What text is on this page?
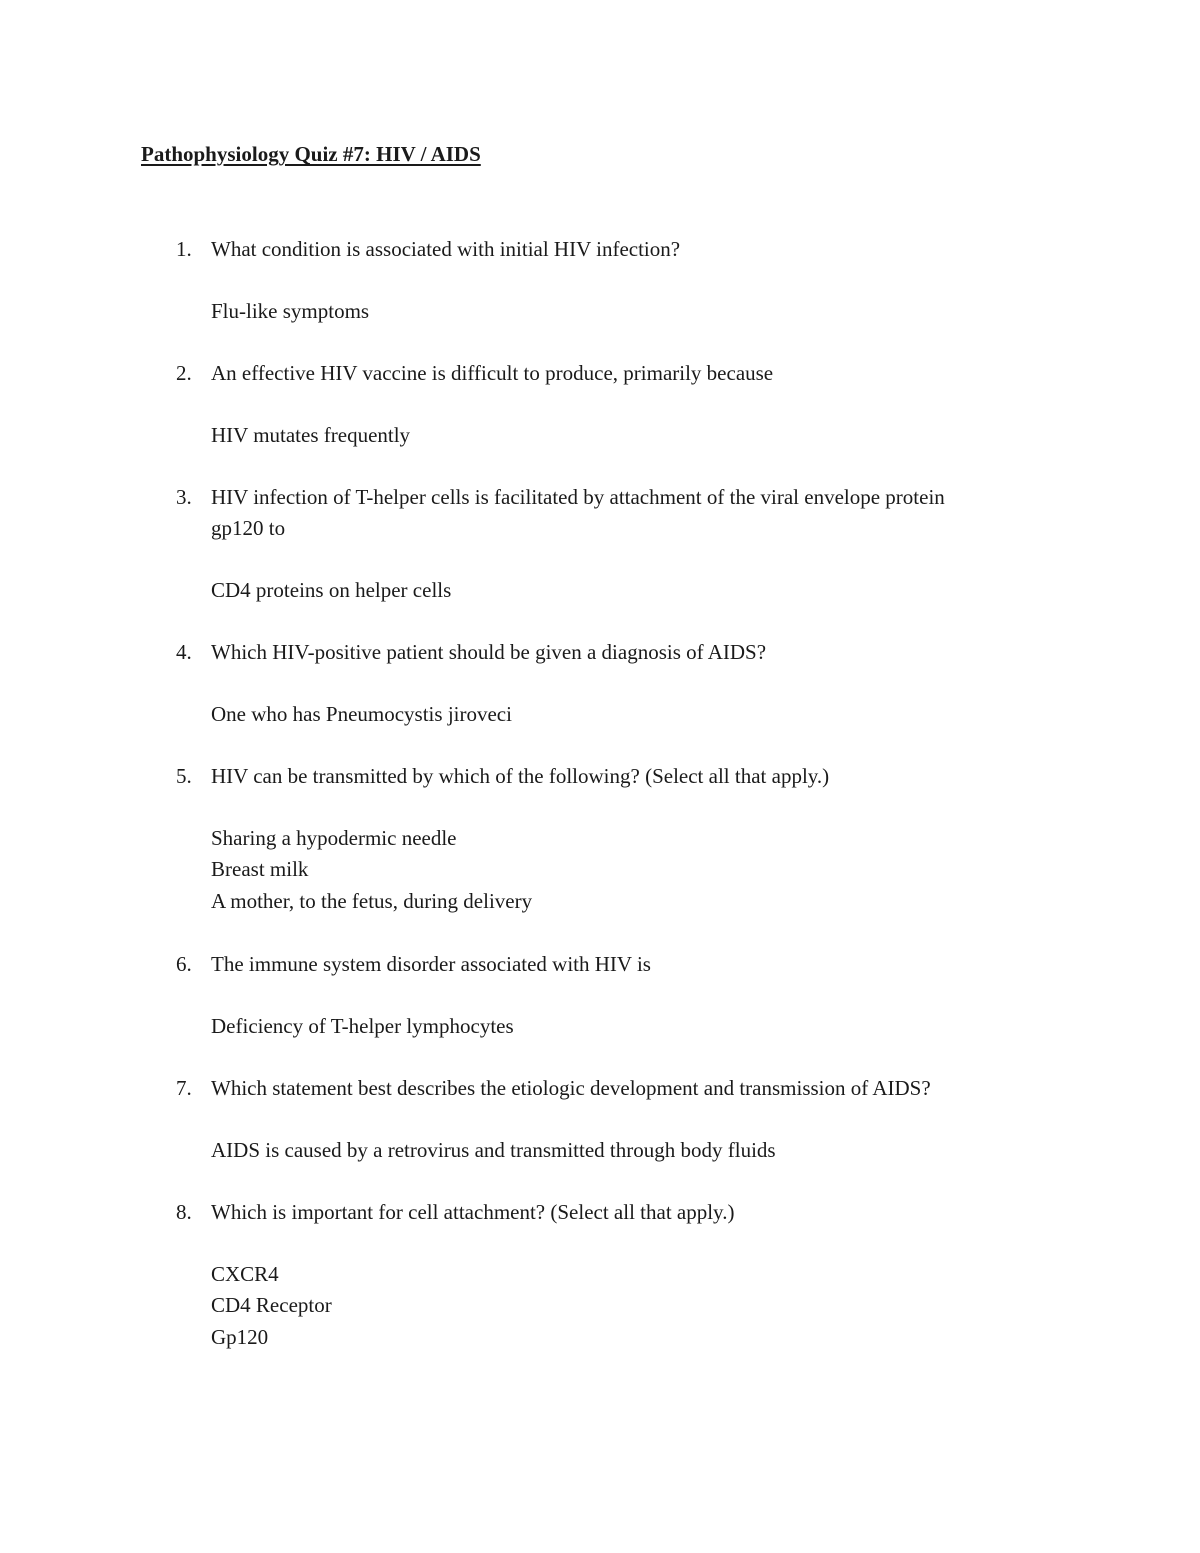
Pathophysiology Quiz #7: HIV / AIDS
1. What condition is associated with initial HIV infection?
Flu-like symptoms
2. An effective HIV vaccine is difficult to produce, primarily because
HIV mutates frequently
3. HIV infection of T-helper cells is facilitated by attachment of the viral envelope protein
gp120 to
CD4 proteins on helper cells
4. Which HIV-positive patient should be given a diagnosis of AIDS?
One who has Pneumocystis jiroveci
5. HIV can be transmitted by which of the following? (Select all that apply.)
Sharing a hypodermic needle
Breast milk
A mother, to the fetus, during delivery
6. The immune system disorder associated with HIV is
Deficiency of T-helper lymphocytes
7. Which statement best describes the etiologic development and transmission of AIDS?
AIDS is caused by a retrovirus and transmitted through body fluids
8. Which is important for cell attachment? (Select all that apply.)
CXCR4
CD4 Receptor
Gp120
